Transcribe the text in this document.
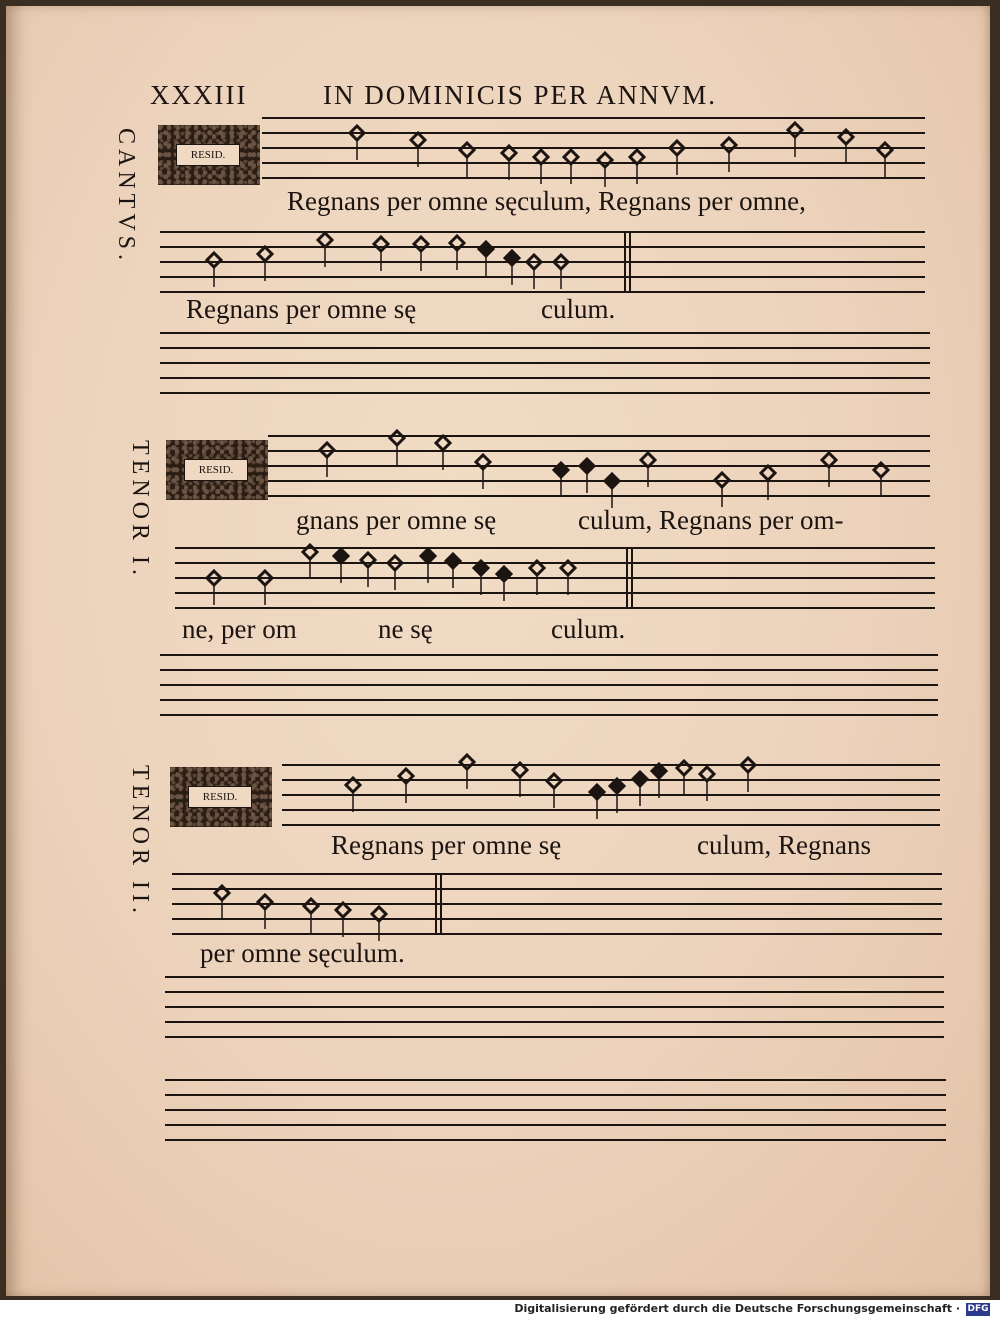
XXXIII	IN DOMINICIS PER ANNVM.
CANTVS.
TENOR I.
TENOR II.
RESID.
RESID.
RESID.
Regnans per omne sęculum, Regnans per omne,
Regnans per omne sę	culum.
gnans per omne sę	culum, Regnans per om-
ne, per om	ne sę	culum.
Regnans per omne sę	culum, Regnans
per omne sęculum.
Digitalisierung gefördert durch die Deutsche Forschungsgemeinschaft · DFG
